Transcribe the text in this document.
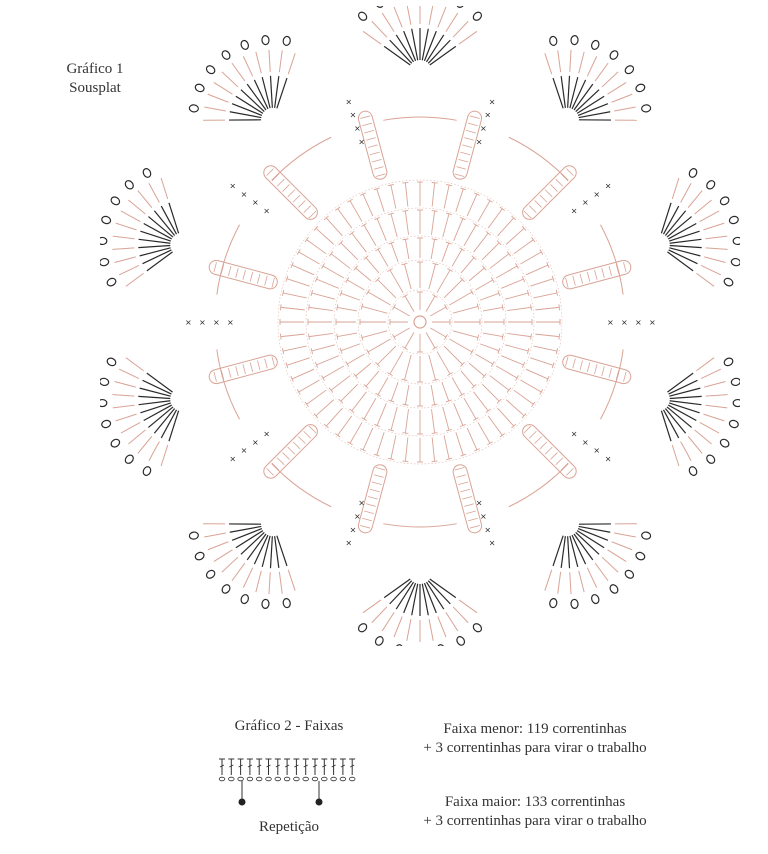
Gráfico 1
Sousplat
×
×
×
×
×
×
×
×
× × × ×
×
×
×
×
×
×
×
×
×
×
×
×
×
×
×
×
×
×
×
×
×
×
×
×
×
×
×
×
Gráfico 2 - Faixas
Repetição
Faixa menor: 119 correntinhas
+ 3 correntinhas para virar o trabalho
Faixa maior: 133 correntinhas
+ 3 correntinhas para virar o trabalho
